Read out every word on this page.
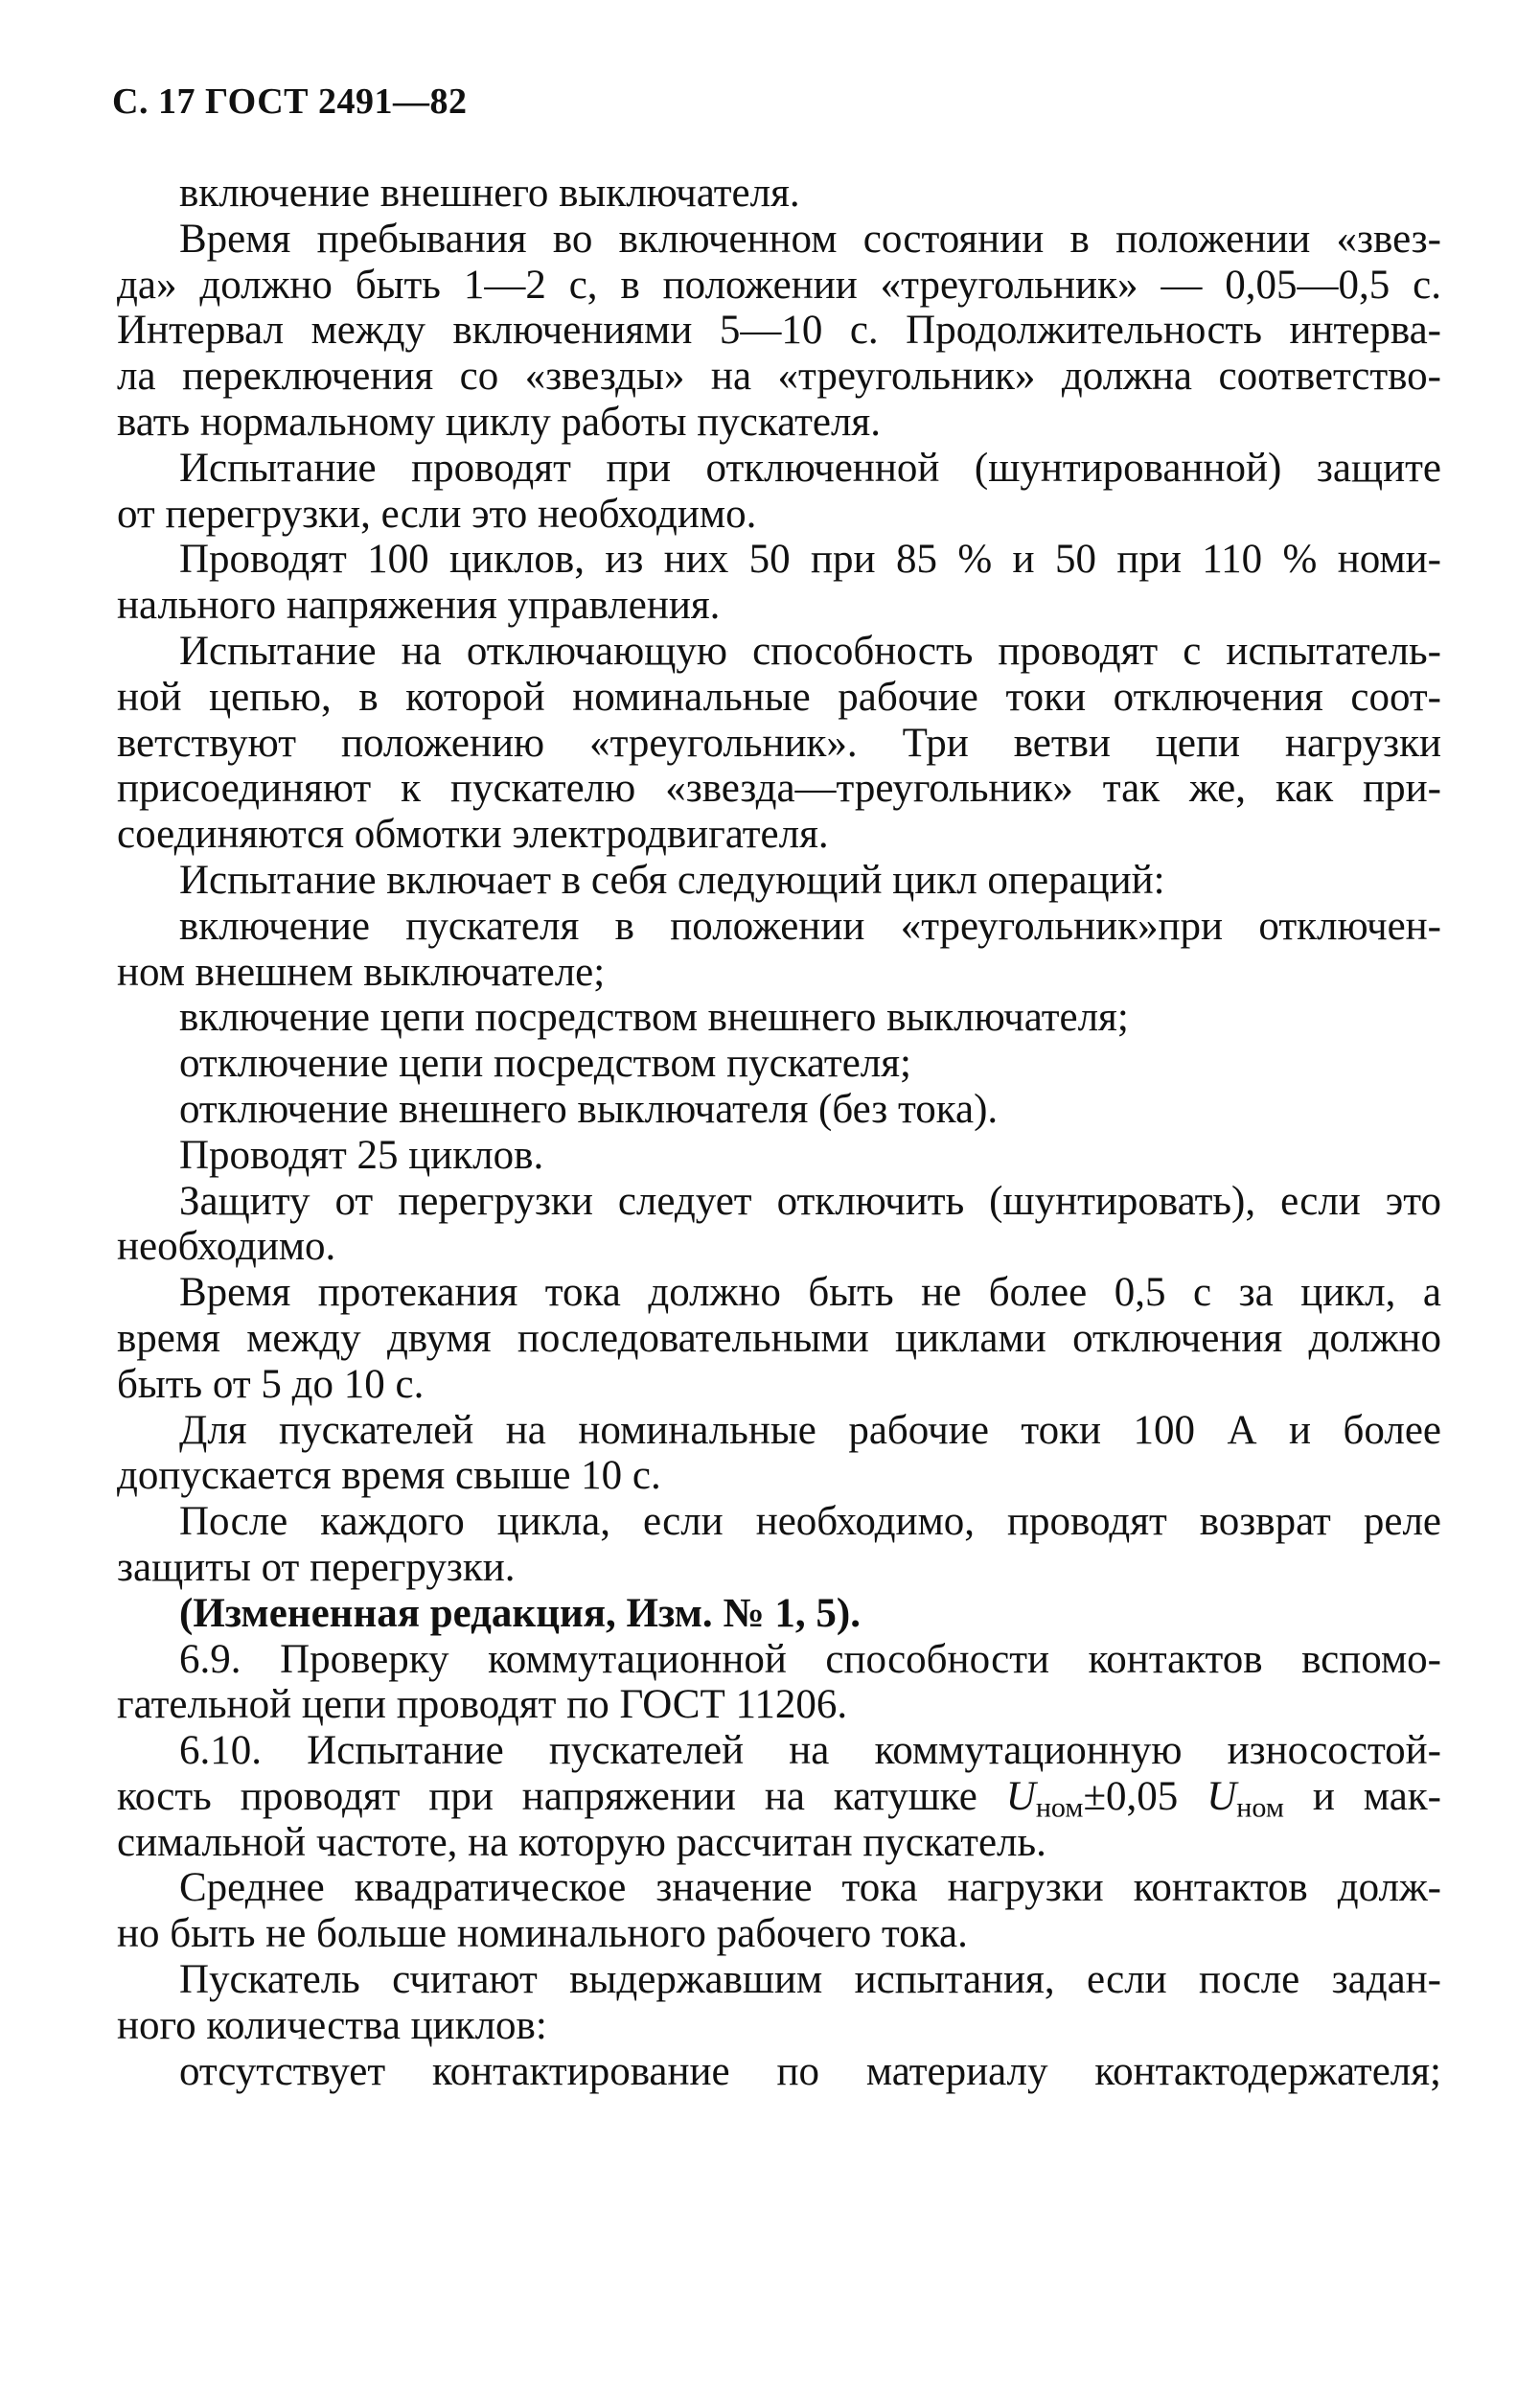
С. 17 ГОСТ 2491—82
включение внешнего выключателя.
Время пребывания во включенном состоянии в положении «звез-
да» должно быть 1—2 с, в положении «треугольник» — 0,05—0,5 с.
Интервал между включениями 5—10 с. Продолжительность интерва-
ла переключения со «звезды» на «треугольник» должна соответство-
вать нормальному циклу работы пускателя.
Испытание проводят при отключенной (шунтированной) защите
от перегрузки, если это необходимо.
Проводят 100 циклов, из них 50 при 85 % и 50 при 110 % номи-
нального напряжения управления.
Испытание на отключающую способность проводят с испытатель-
ной цепью, в которой номинальные рабочие токи отключения соот-
ветствуют положению «треугольник». Три ветви цепи нагрузки
присоединяют к пускателю «звезда—треугольник» так же, как при-
соединяются обмотки электродвигателя.
Испытание включает в себя следующий цикл операций:
включение пускателя в положении «треугольник»при отключен-
ном внешнем выключателе;
включение цепи посредством внешнего выключателя;
отключение цепи посредством пускателя;
отключение внешнего выключателя (без тока).
Проводят 25 циклов.
Защиту от перегрузки следует отключить (шунтировать), если это
необходимо.
Время протекания тока должно быть не более 0,5 с за цикл, а
время между двумя последовательными циклами отключения должно
быть от 5 до 10 с.
Для пускателей на номинальные рабочие токи 100 А и более
допускается время свыше 10 с.
После каждого цикла, если необходимо, проводят возврат реле
защиты от перегрузки.
(Измененная редакция, Изм. № 1, 5).
6.9. Проверку коммутационной способности контактов вспомо-
гательной цепи проводят по ГОСТ 11206.
6.10. Испытание пускателей на коммутационную износостой-
кость проводят при напряжении на катушке $U_{ном}\pm 0,05$ $U_{ном}$ и мак-
симальной частоте, на которую рассчитан пускатель.
Среднее квадратическое значение тока нагрузки контактов долж-
но быть не больше номинального рабочего тока.
Пускатель считают выдержавшим испытания, если после задан-
ного количества циклов:
отсутствует контактирование по материалу контактодержателя;
